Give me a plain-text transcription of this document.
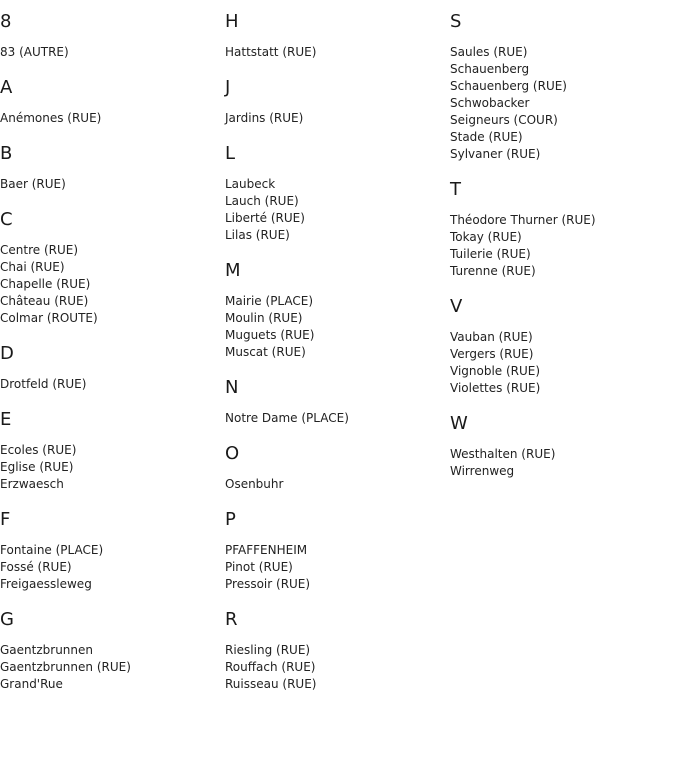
8
83 (AUTRE)
A
Anémones (RUE)
B
Baer (RUE)
C
Centre (RUE)
Chai (RUE)
Chapelle (RUE)
Château (RUE)
Colmar (ROUTE)
D
Drotfeld (RUE)
E
Ecoles (RUE)
Eglise (RUE)
Erzwaesch
F
Fontaine (PLACE)
Fossé (RUE)
Freigaessleweg
G
Gaentzbrunnen
Gaentzbrunnen (RUE)
Grand'Rue
H
Hattstatt (RUE)
J
Jardins (RUE)
L
Laubeck
Lauch (RUE)
Liberté (RUE)
Lilas (RUE)
M
Mairie (PLACE)
Moulin (RUE)
Muguets (RUE)
Muscat (RUE)
N
Notre Dame (PLACE)
O
Osenbuhr
P
PFAFFENHEIM
Pinot (RUE)
Pressoir (RUE)
R
Riesling (RUE)
Rouffach (RUE)
Ruisseau (RUE)
S
Saules (RUE)
Schauenberg
Schauenberg (RUE)
Schwobacker
Seigneurs (COUR)
Stade (RUE)
Sylvaner (RUE)
T
Théodore Thurner (RUE)
Tokay (RUE)
Tuilerie (RUE)
Turenne (RUE)
V
Vauban (RUE)
Vergers (RUE)
Vignoble (RUE)
Violettes (RUE)
W
Westhalten (RUE)
Wirrenweg
